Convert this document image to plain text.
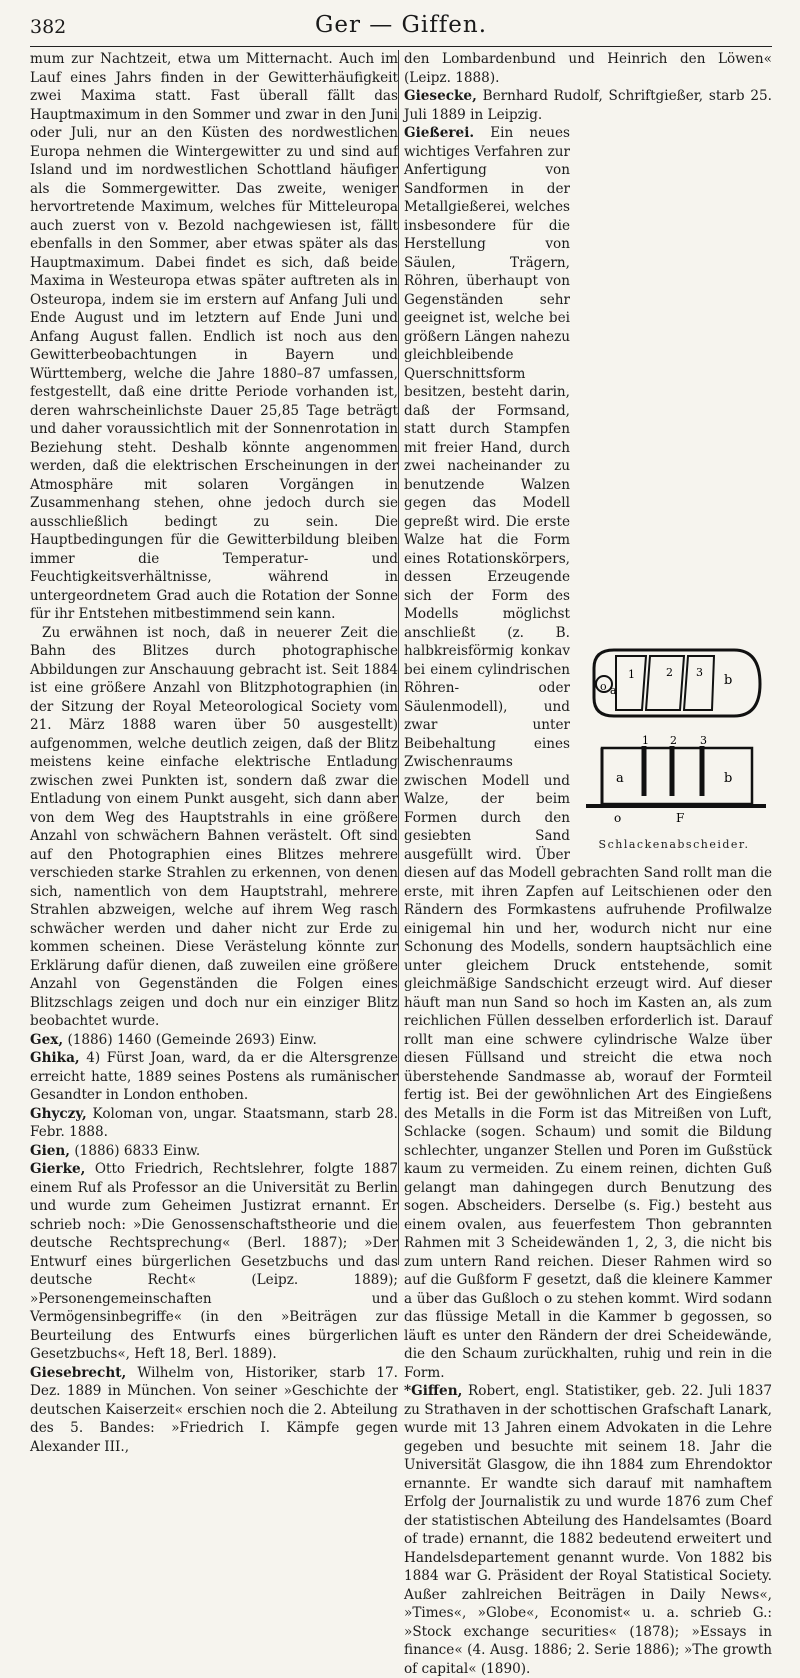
382	Ger — Giffen.

mum zur Nachtzeit, etwa um Mitternacht. Auch im Lauf eines Jahrs finden in der Gewitterhäufigkeit zwei Maxima statt. Fast überall fällt das Hauptmaximum in den Sommer und zwar in den Juni oder Juli, nur an den Küsten des nordwestlichen Europa nehmen die Wintergewitter zu und sind auf Island und im nordwestlichen Schottland häufiger als die Sommergewitter. Das zweite, weniger hervortretende Maximum, welches für Mitteleuropa auch zuerst von v. Bezold nachgewiesen ist, fällt ebenfalls in den Sommer, aber etwas später als das Hauptmaximum. Dabei findet es sich, daß beide Maxima in Westeuropa etwas später auftreten als in Osteuropa, indem sie im erstern auf Anfang Juli und Ende August und im letztern auf Ende Juni und Anfang August fallen. Endlich ist noch aus den Gewitterbeobachtungen in Bayern und Württemberg, welche die Jahre 1880–87 umfassen, festgestellt, daß eine dritte Periode vorhanden ist, deren wahrscheinlichste Dauer 25,85 Tage beträgt und daher voraussichtlich mit der Sonnenrotation in Beziehung steht. Deshalb könnte angenommen werden, daß die elektrischen Erscheinungen in der Atmosphäre mit solaren Vorgängen in Zusammenhang stehen, ohne jedoch durch sie ausschließlich bedingt zu sein. Die Hauptbedingungen für die Gewitterbildung bleiben immer die Temperatur- und Feuchtigkeitsverhältnisse, während in untergeordnetem Grad auch die Rotation der Sonne für ihr Entstehen mitbestimmend sein kann.

Zu erwähnen ist noch, daß in neuerer Zeit die Bahn des Blitzes durch photographische Abbildungen zur Anschauung gebracht ist. Seit 1884 ist eine größere Anzahl von Blitzphotographien (in der Sitzung der Royal Meteorological Society vom 21. März 1888 waren über 50 ausgestellt) aufgenommen, welche deutlich zeigen, daß der Blitz meistens keine einfache elektrische Entladung zwischen zwei Punkten ist, sondern daß zwar die Entladung von einem Punkt ausgeht, sich dann aber von dem Weg des Hauptstrahls in eine größere Anzahl von schwächern Bahnen verästelt. Oft sind auf den Photographien eines Blitzes mehrere verschieden starke Strahlen zu erkennen, von denen sich, namentlich von dem Hauptstrahl, mehrere Strahlen abzweigen, welche auf ihrem Weg rasch schwächer werden und daher nicht zur Erde zu kommen scheinen. Diese Verästelung könnte zur Erklärung dafür dienen, daß zuweilen eine größere Anzahl von Gegenständen die Folgen eines Blitzschlags zeigen und doch nur ein einziger Blitz beobachtet wurde.

Gex, (1886) 1460 (Gemeinde 2693) Einw.

Ghika, 4) Fürst Joan, ward, da er die Altersgrenze erreicht hatte, 1889 seines Postens als rumänischer Gesandter in London enthoben.

Ghyczy, Koloman von, ungar. Staatsmann, starb 28. Febr. 1888.

Gien, (1886) 6833 Einw.

Gierke, Otto Friedrich, Rechtslehrer, folgte 1887 einem Ruf als Professor an die Universität zu Berlin und wurde zum Geheimen Justizrat ernannt. Er schrieb noch: »Die Genossenschaftstheorie und die deutsche Rechtsprechung« (Berl. 1887); »Der Entwurf eines bürgerlichen Gesetzbuchs und das deutsche Recht« (Leipz. 1889); »Personengemeinschaften und Vermögensinbegriffe« (in den »Beiträgen zur Beurteilung des Entwurfs eines bürgerlichen Gesetzbuchs«, Heft 18, Berl. 1889).

Giesebrecht, Wilhelm von, Historiker, starb 17. Dez. 1889 in München. Von seiner »Geschichte der deutschen Kaiserzeit« erschien noch die 2. Abteilung des 5. Bandes: »Friedrich I. Kämpfe gegen Alexander III.,

den Lombardenbund und Heinrich den Löwen« (Leipz. 1888).

Giesecke, Bernhard Rudolf, Schriftgießer, starb 25. Juli 1889 in Leipzig.

o a
1	2 3
b
1 2 3
a	b
o	F
Schlackenabscheider.
Gießerei. Ein neues wichtiges Verfahren zur Anfertigung von Sandformen in der Metallgießerei, welches insbesondere für die Herstellung von Säulen, Trägern, Röhren, überhaupt von Gegenständen sehr geeignet ist, welche bei größern Längen nahezu gleichbleibende Querschnittsform besitzen, besteht darin, daß der Formsand, statt durch Stampfen mit freier Hand, durch zwei nacheinander zu benutzende Walzen gegen das Modell gepreßt wird. Die erste Walze hat die Form eines Rotationskörpers, dessen Erzeugende sich der Form des Modells möglichst anschließt (z. B. halbkreisförmig konkav bei einem cylindrischen Röhren- oder Säulenmodell), und zwar unter Beibehaltung eines Zwischenraums zwischen Modell und Walze, der beim Formen durch den gesiebten Sand ausgefüllt wird. Über diesen auf das Modell gebrachten Sand rollt man die erste, mit ihren Zapfen auf Leitschienen oder den Rändern des Formkastens aufruhende Profilwalze einigemal hin und her, wodurch nicht nur eine Schonung des Modells, sondern hauptsächlich eine unter gleichem Druck entstehende, somit gleichmäßige Sandschicht erzeugt wird. Auf dieser häuft man nun Sand so hoch im Kasten an, als zum reichlichen Füllen desselben erforderlich ist. Darauf rollt man eine schwere cylindrische Walze über diesen Füllsand und streicht die etwa noch überstehende Sandmasse ab, worauf der Formteil fertig ist. Bei der gewöhnlichen Art des Eingießens des Metalls in die Form ist das Mitreißen von Luft, Schlacke (sogen. Schaum) und somit die Bildung schlechter, unganzer Stellen und Poren im Gußstück kaum zu vermeiden. Zu einem reinen, dichten Guß gelangt man dahingegen durch Benutzung des sogen. Abscheiders. Derselbe (s. Fig.) besteht aus einem ovalen, aus feuerfestem Thon gebrannten Rahmen mit 3 Scheidewänden 1, 2, 3, die nicht bis zum untern Rand reichen. Dieser Rahmen wird so auf die Gußform F gesetzt, daß die kleinere Kammer a über das Gußloch o zu stehen kommt. Wird sodann das flüssige Metall in die Kammer b gegossen, so läuft es unter den Rändern der drei Scheidewände, die den Schaum zurückhalten, ruhig und rein in die Form.

*Giffen, Robert, engl. Statistiker, geb. 22. Juli 1837 zu Strathaven in der schottischen Grafschaft Lanark, wurde mit 13 Jahren einem Advokaten in die Lehre gegeben und besuchte mit seinem 18. Jahr die Universität Glasgow, die ihn 1884 zum Ehrendoktor ernannte. Er wandte sich darauf mit namhaftem Erfolg der Journalistik zu und wurde 1876 zum Chef der statistischen Abteilung des Handelsamtes (Board of trade) ernannt, die 1882 bedeutend erweitert und Handelsdepartement genannt wurde. Von 1882 bis 1884 war G. Präsident der Royal Statistical Society. Außer zahlreichen Beiträgen in Daily News«, »Times«, »Globe«, Economist« u. a. schrieb G.: »Stock exchange securities« (1878); »Essays in finance« (4. Ausg. 1886; 2. Serie 1886); »The growth of capital« (1890).
